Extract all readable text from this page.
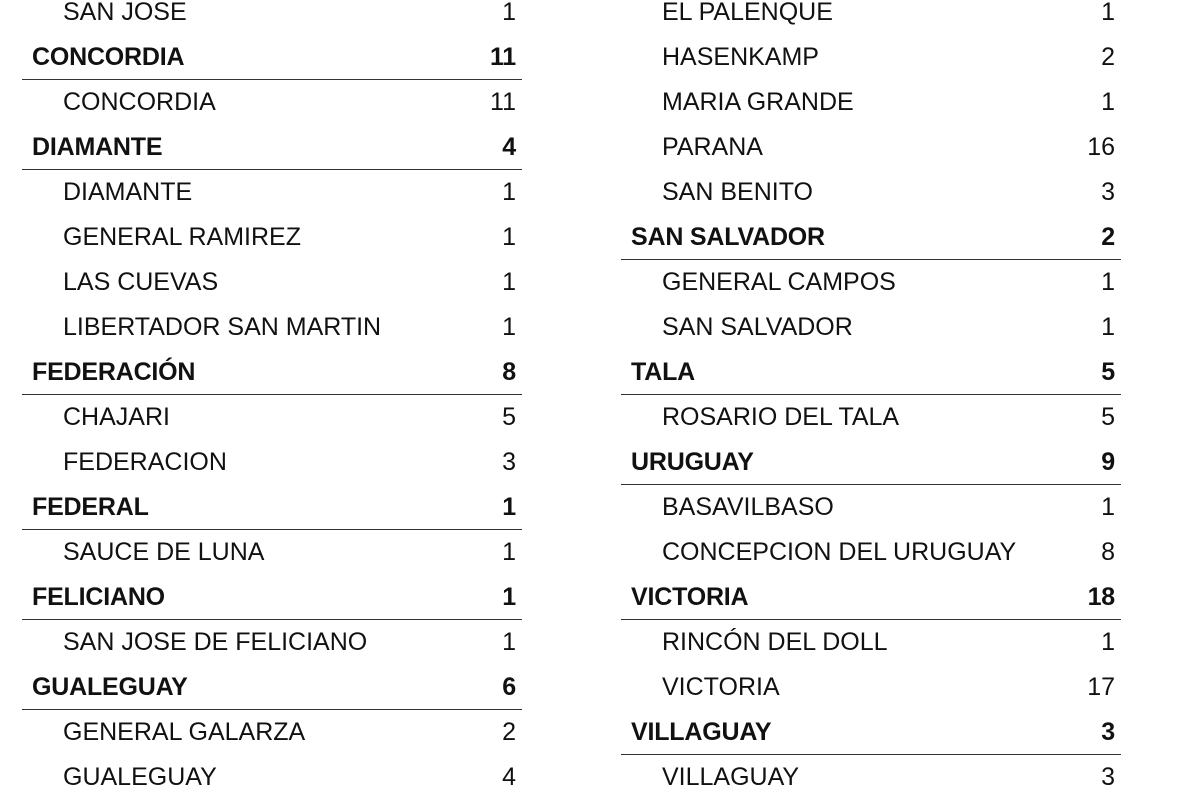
SAN JOSE	1
CONCORDIA	11
CONCORDIA	11
DIAMANTE	4
DIAMANTE	1
GENERAL RAMIREZ	1
LAS CUEVAS	1
LIBERTADOR SAN MARTIN	1
FEDERACIÓN	8
CHAJARI	5
FEDERACION	3
FEDERAL	1
SAUCE DE LUNA	1
FELICIANO	1
SAN JOSE DE FELICIANO	1
GUALEGUAY	6
GENERAL GALARZA	2
GUALEGUAY	4
EL PALENQUE	1
HASENKAMP	2
MARIA GRANDE	1
PARANA	16
SAN BENITO	3
SAN SALVADOR	2
GENERAL CAMPOS	1
SAN SALVADOR	1
TALA	5
ROSARIO DEL TALA	5
URUGUAY	9
BASAVILBASO	1
CONCEPCION DEL URUGUAY	8
VICTORIA	18
RINCÓN DEL DOLL	1
VICTORIA	17
VILLAGUAY	3
VILLAGUAY	3
